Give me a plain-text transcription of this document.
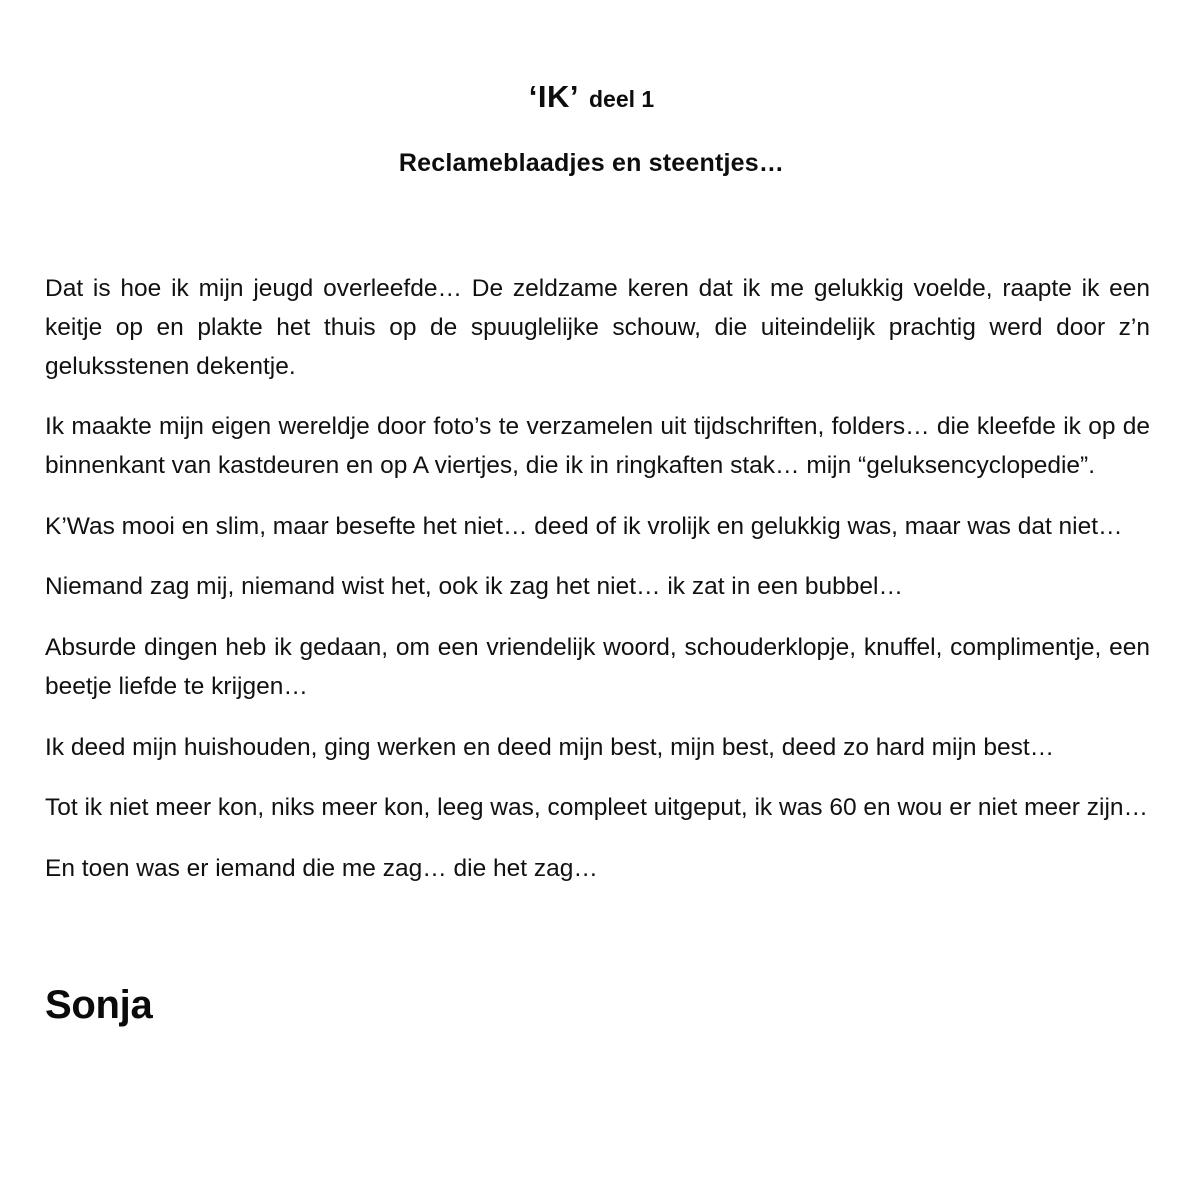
‘IK’ deel 1
Reclameblaadjes en steentjes…

Dat is hoe ik mijn jeugd overleefde… De zeldzame keren dat ik me gelukkig voelde, raapte ik een keitje op en plakte het thuis op de spuuglelijke schouw, die uiteindelijk prachtig werd door z’n geluksstenen dekentje.

Ik maakte mijn eigen wereldje door foto’s te verzamelen uit tijdschriften, folders… die kleefde ik op de binnenkant van kastdeuren en op A viertjes, die ik in ringkaften stak… mijn “geluksencyclopedie”.

K’Was mooi en slim, maar besefte het niet… deed of ik vrolijk en gelukkig was, maar was dat niet…

Niemand zag mij, niemand wist het, ook ik zag het niet… ik zat in een bubbel…

Absurde dingen heb ik gedaan, om een vriendelijk woord, schouderklopje, knuffel, complimentje, een beetje liefde te krijgen…

Ik deed mijn huishouden, ging werken en deed mijn best, mijn best, deed zo hard mijn best…

Tot ik niet meer kon, niks meer kon, leeg was, compleet uitgeput, ik was 60 en wou er niet meer zijn…

En toen was er iemand die me zag… die het zag…

Sonja
